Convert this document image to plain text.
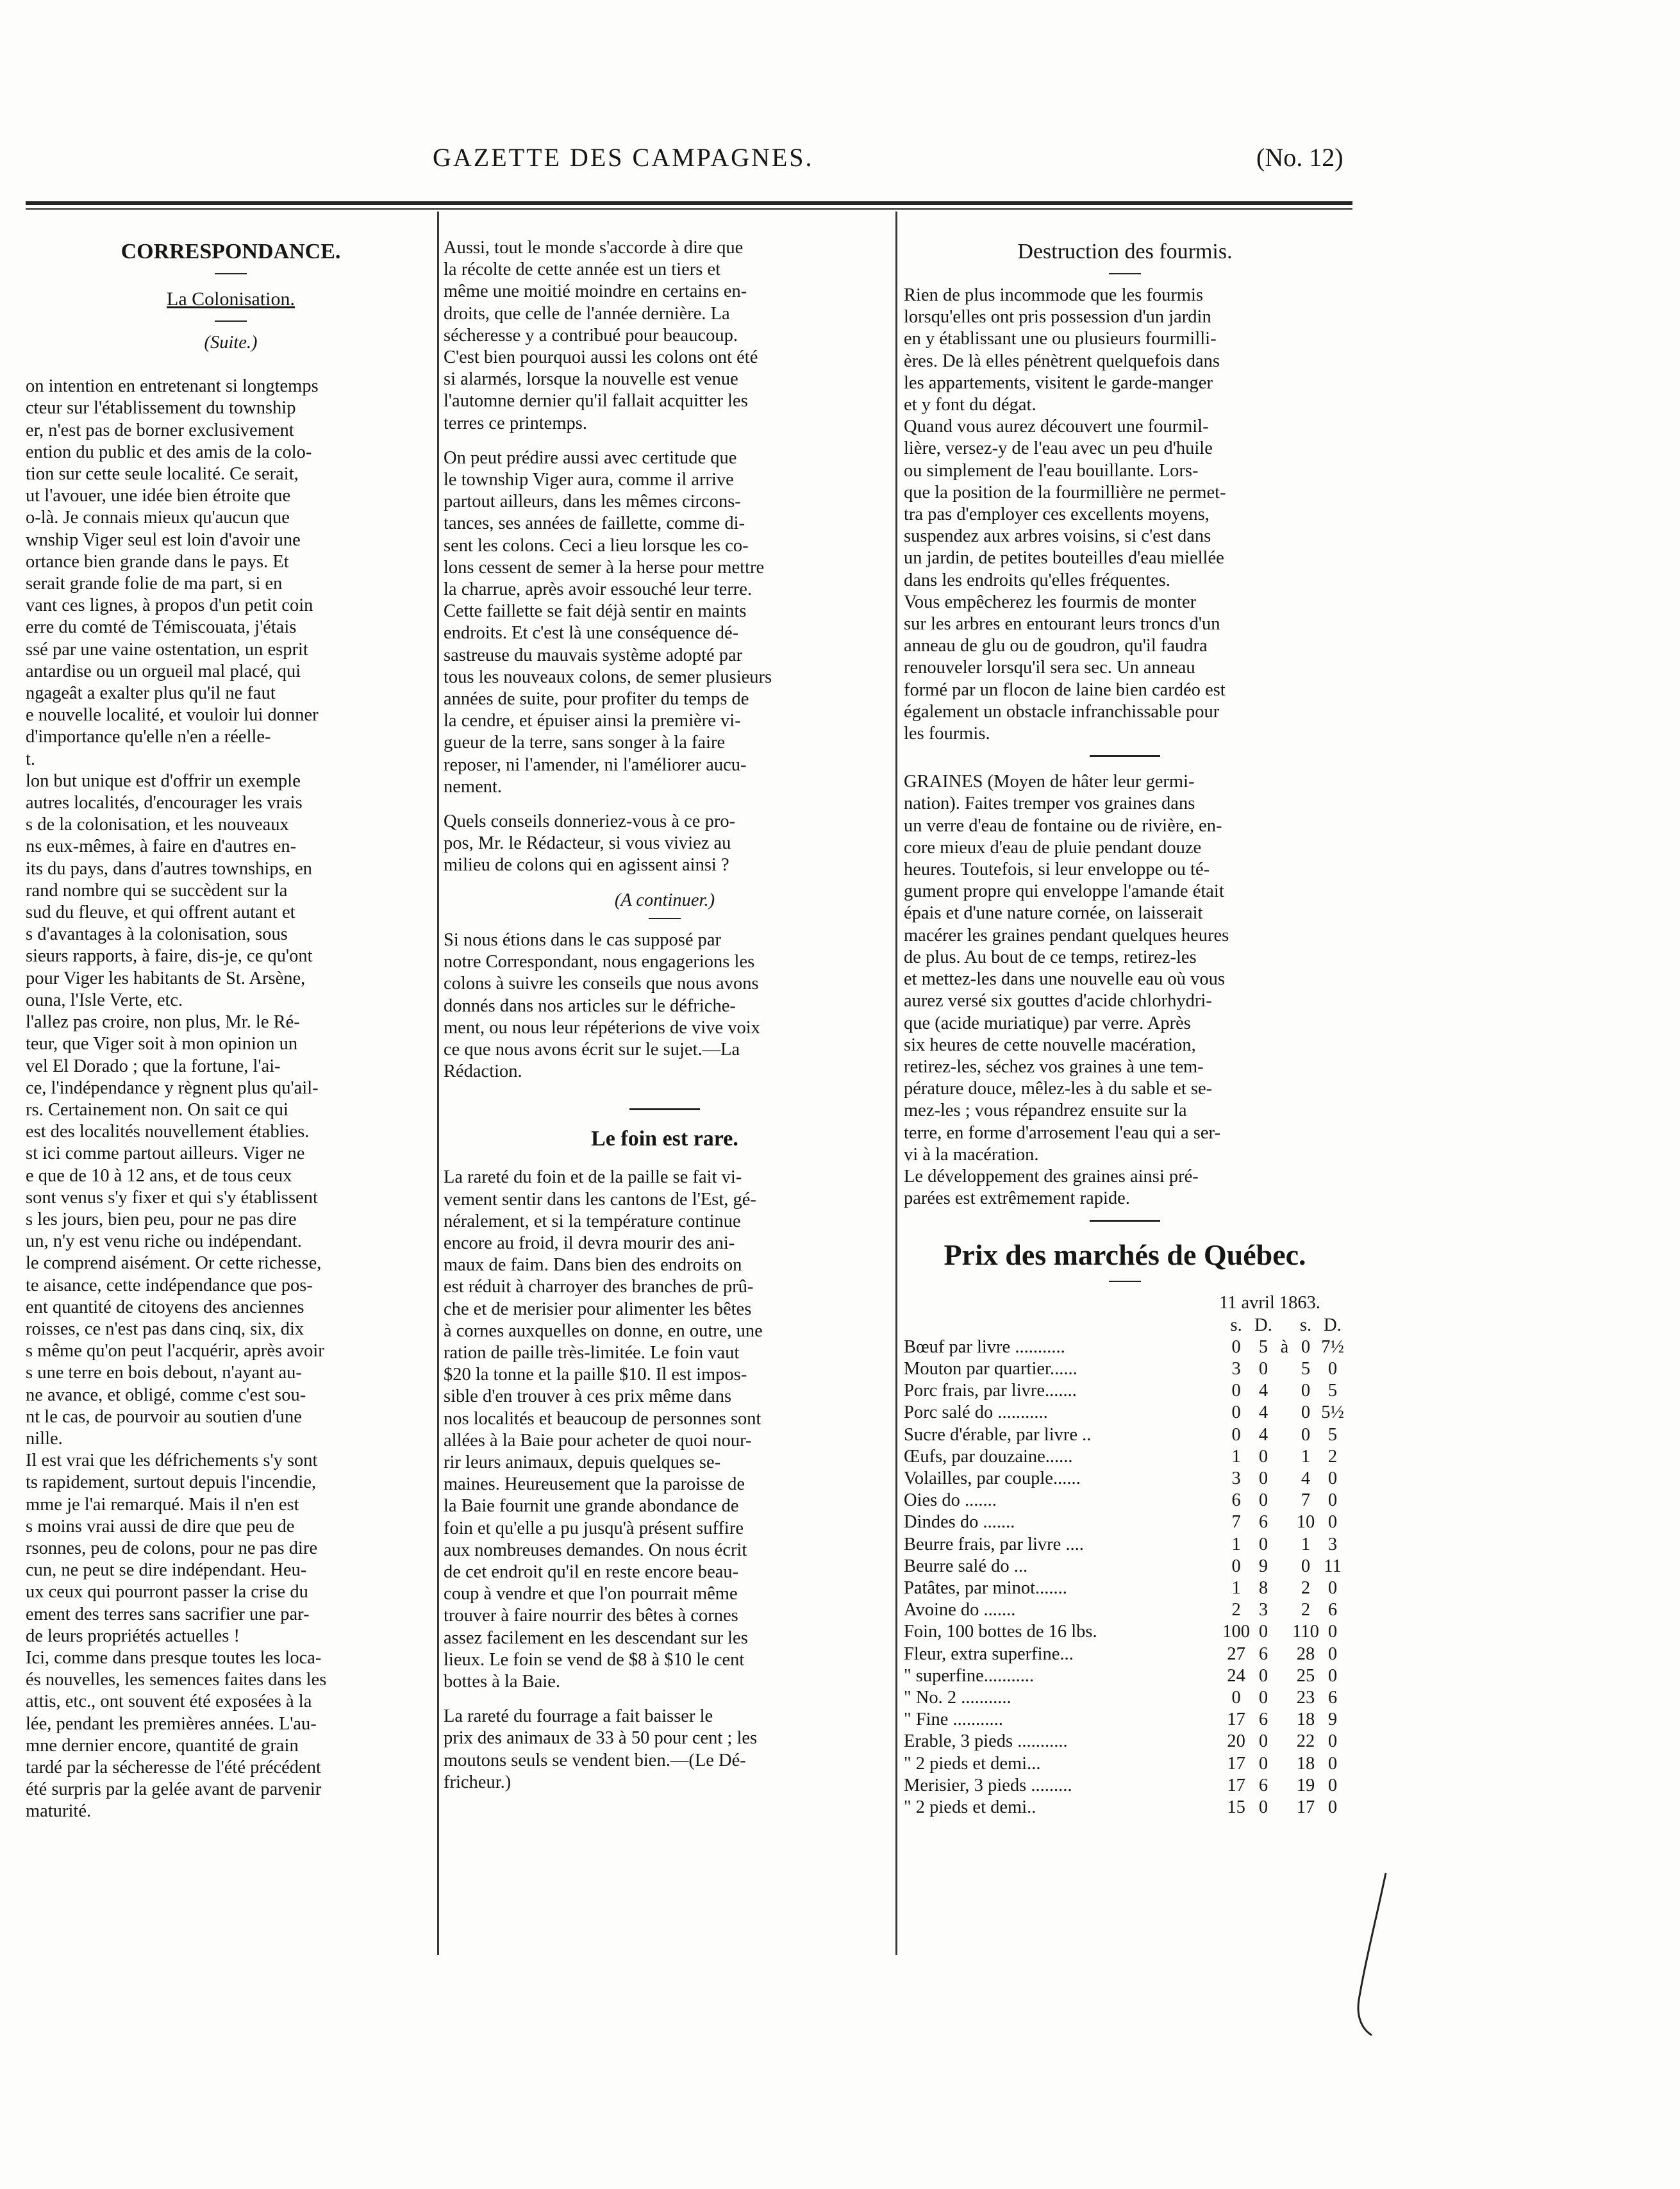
GAZETTE DES CAMPAGNES.	(No. 12)
CORRESPONDANCE.
La Colonisation.

(Suite.)

on intention en entretenant si longtemps

cteur sur l'établissement du township

er, n'est pas de borner exclusivement

ention du public et des amis de la colo-

tion sur cette seule localité. Ce serait,

ut l'avouer, une idée bien étroite que

o-là. Je connais mieux qu'aucun que

wnship Viger seul est loin d'avoir une

ortance bien grande dans le pays. Et

serait grande folie de ma part, si en

vant ces lignes, à propos d'un petit coin

erre du comté de Témiscouata, j'étais

ssé par une vaine ostentation, un esprit

antardise ou un orgueil mal placé, qui

ngageât a exalter plus qu'il ne faut

e nouvelle localité, et vouloir lui donner

d'importance qu'elle n'en a réelle-

t.

lon but unique est d'offrir un exemple

autres localités, d'encourager les vrais

s de la colonisation, et les nouveaux

ns eux-mêmes, à faire en d'autres en-

its du pays, dans d'autres townships, en

rand nombre qui se succèdent sur la

sud du fleuve, et qui offrent autant et

s d'avantages à la colonisation, sous

sieurs rapports, à faire, dis-je, ce qu'ont

pour Viger les habitants de St. Arsène,

ouna, l'Isle Verte, etc.

l'allez pas croire, non plus, Mr. le Ré-

teur, que Viger soit à mon opinion un

vel El Dorado ; que la fortune, l'ai-

ce, l'indépendance y règnent plus qu'ail-

rs. Certainement non. On sait ce qui

est des localités nouvellement établies.

st ici comme partout ailleurs. Viger ne

e que de 10 à 12 ans, et de tous ceux

sont venus s'y fixer et qui s'y établissent

s les jours, bien peu, pour ne pas dire

un, n'y est venu riche ou indépendant.

le comprend aisément. Or cette richesse,

te aisance, cette indépendance que pos-

ent quantité de citoyens des anciennes

roisses, ce n'est pas dans cinq, six, dix

s même qu'on peut l'acquérir, après avoir

s une terre en bois debout, n'ayant au-

ne avance, et obligé, comme c'est sou-

nt le cas, de pourvoir au soutien d'une

nille.

Il est vrai que les défrichements s'y sont

ts rapidement, surtout depuis l'incendie,

mme je l'ai remarqué. Mais il n'en est

s moins vrai aussi de dire que peu de

rsonnes, peu de colons, pour ne pas dire

cun, ne peut se dire indépendant. Heu-

ux ceux qui pourront passer la crise du

ement des terres sans sacrifier une par-

de leurs propriétés actuelles !

Ici, comme dans presque toutes les loca-

és nouvelles, les semences faites dans les

attis, etc., ont souvent été exposées à la

lée, pendant les premières années. L'au-

mne dernier encore, quantité de grain

tardé par la sécheresse de l'été précédent

été surpris par la gelée avant de parvenir

maturité.

Aussi, tout le monde s'accorde à dire que

la récolte de cette année est un tiers et

même une moitié moindre en certains en-

droits, que celle de l'année dernière. La

sécheresse y a contribué pour beaucoup.

C'est bien pourquoi aussi les colons ont été

si alarmés, lorsque la nouvelle est venue

l'automne dernier qu'il fallait acquitter les

terres ce printemps.

On peut prédire aussi avec certitude que

le township Viger aura, comme il arrive

partout ailleurs, dans les mêmes circons-

tances, ses années de faillette, comme di-

sent les colons. Ceci a lieu lorsque les co-

lons cessent de semer à la herse pour mettre

la charrue, après avoir essouché leur terre.

Cette faillette se fait déjà sentir en maints

endroits. Et c'est là une conséquence dé-

sastreuse du mauvais système adopté par

tous les nouveaux colons, de semer plusieurs

années de suite, pour profiter du temps de

la cendre, et épuiser ainsi la première vi-

gueur de la terre, sans songer à la faire

reposer, ni l'amender, ni l'améliorer aucu-

nement.

Quels conseils donneriez-vous à ce pro-

pos, Mr. le Rédacteur, si vous viviez au

milieu de colons qui en agissent ainsi ?

(A continuer.)

Si nous étions dans le cas supposé par

notre Correspondant, nous engagerions les

colons à suivre les conseils que nous avons

donnés dans nos articles sur le défriche-

ment, ou nous leur répéterions de vive voix

ce que nous avons écrit sur le sujet.—La

Rédaction.

Le foin est rare.

La rareté du foin et de la paille se fait vi-

vement sentir dans les cantons de l'Est, gé-

néralement, et si la température continue

encore au froid, il devra mourir des ani-

maux de faim. Dans bien des endroits on

est réduit à charroyer des branches de prû-

che et de merisier pour alimenter les bêtes

à cornes auxquelles on donne, en outre, une

ration de paille très-limitée. Le foin vaut

$20 la tonne et la paille $10. Il est impos-

sible d'en trouver à ces prix même dans

nos localités et beaucoup de personnes sont

allées à la Baie pour acheter de quoi nour-

rir leurs animaux, depuis quelques se-

maines. Heureusement que la paroisse de

la Baie fournit une grande abondance de

foin et qu'elle a pu jusqu'à présent suffire

aux nombreuses demandes. On nous écrit

de cet endroit qu'il en reste encore beau-

coup à vendre et que l'on pourrait même

trouver à faire nourrir des bêtes à cornes

assez facilement en les descendant sur les

lieux. Le foin se vend de $8 à $10 le cent

bottes à la Baie.

La rareté du fourrage a fait baisser le

prix des animaux de 33 à 50 pour cent ; les

moutons seuls se vendent bien.—(Le Dé-

fricheur.)

Destruction des fourmis.

Rien de plus incommode que les fourmis

lorsqu'elles ont pris possession d'un jardin

en y établissant une ou plusieurs fourmilli-

ères. De là elles pénètrent quelquefois dans

les appartements, visitent le garde-manger

et y font du dégat.

Quand vous aurez découvert une fourmil-

lière, versez-y de l'eau avec un peu d'huile

ou simplement de l'eau bouillante. Lors-

que la position de la fourmillière ne permet-

tra pas d'employer ces excellents moyens,

suspendez aux arbres voisins, si c'est dans

un jardin, de petites bouteilles d'eau miellée

dans les endroits qu'elles fréquentes.

Vous empêcherez les fourmis de monter

sur les arbres en entourant leurs troncs d'un

anneau de glu ou de goudron, qu'il faudra

renouveler lorsqu'il sera sec. Un anneau

formé par un flocon de laine bien cardéo est

également un obstacle infranchissable pour

les fourmis.

GRAINES (Moyen de hâter leur germi-

nation). Faites tremper vos graines dans

un verre d'eau de fontaine ou de rivière, en-

core mieux d'eau de pluie pendant douze

heures. Toutefois, si leur enveloppe ou té-

gument propre qui enveloppe l'amande était

épais et d'une nature cornée, on laisserait

macérer les graines pendant quelques heures

de plus. Au bout de ce temps, retirez-les

et mettez-les dans une nouvelle eau où vous

aurez versé six gouttes d'acide chlorhydri-

que (acide muriatique) par verre. Après

six heures de cette nouvelle macération,

retirez-les, séchez vos graines à une tem-

pérature douce, mêlez-les à du sable et se-

mez-les ; vous répandrez ensuite sur la

terre, en forme d'arrosement l'eau qui a ser-

vi à la macération.

Le développement des graines ainsi pré-

parées est extrêmement rapide.

Prix des marchés de Québec.

11 avril 1863.

	s.	D.		s.	D.
Bœuf par livre ...........	0	5	à	0	7½
Mouton par quartier......	3	0		5	0
Porc frais, par livre.......	0	4		0	5
Porc salé do ...........	0	4		0	5½
Sucre d'érable, par livre ..	0	4		0	5
Œufs, par douzaine......	1	0		1	2
Volailles, par couple......	3	0		4	0
Oies do .......	6	0		7	0
Dindes do .......	7	6		10	0
Beurre frais, par livre ....	1	0		1	3
Beurre salé do ...	0	9		0	11
Patâtes, par minot.......	1	8		2	0
Avoine do .......	2	3		2	6
Foin, 100 bottes de 16 lbs.	100	0		110	0
Fleur, extra superfine...	27	6		28	0
" superfine...........	24	0		25	0
" No. 2 ...........	0	0		23	6
" Fine ...........	17	6		18	9
Erable, 3 pieds ...........	20	0		22	0
" 2 pieds et demi...	17	0		18	0
Merisier, 3 pieds .........	17	6		19	0
" 2 pieds et demi..	15	0		17	0
